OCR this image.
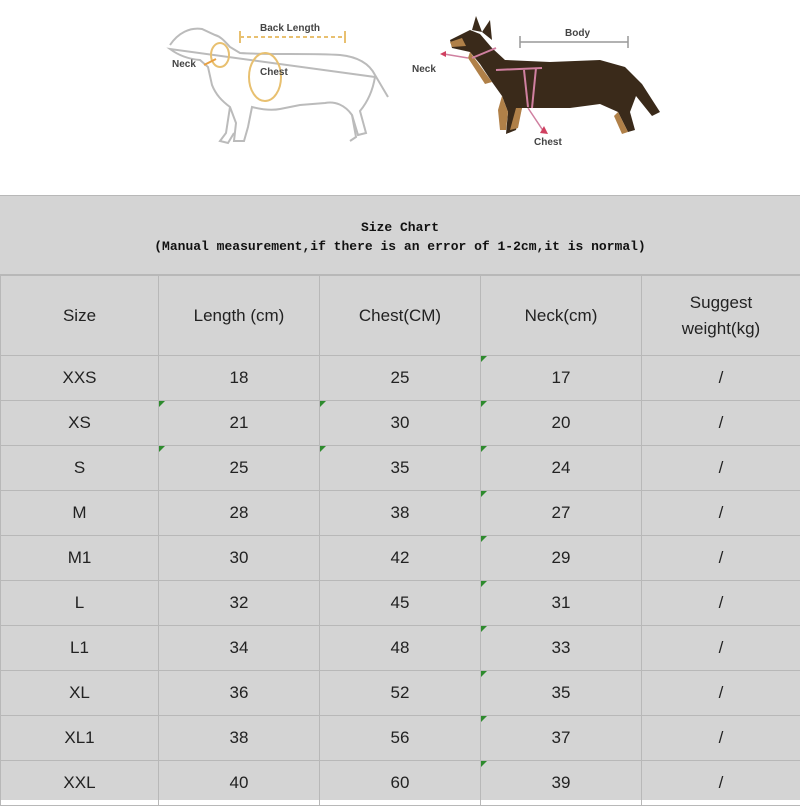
Back Length
Neck
Chest
Body
Neck
Chest
Size Chart
(Manual measurement,if there is an error of 1-2cm,it is normal)
Size	Length (cm)	Chest(CM)	Neck(cm)	Suggest weight(kg)
XXS	18	25	17	/
XS	21	30	20	/
S	25	35	24	/
M	28	38	27	/
M1	30	42	29	/
L	32	45	31	/
L1	34	48	33	/
XL	36	52	35	/
XL1	38	56	37	/
XXL	40	60	39	/
